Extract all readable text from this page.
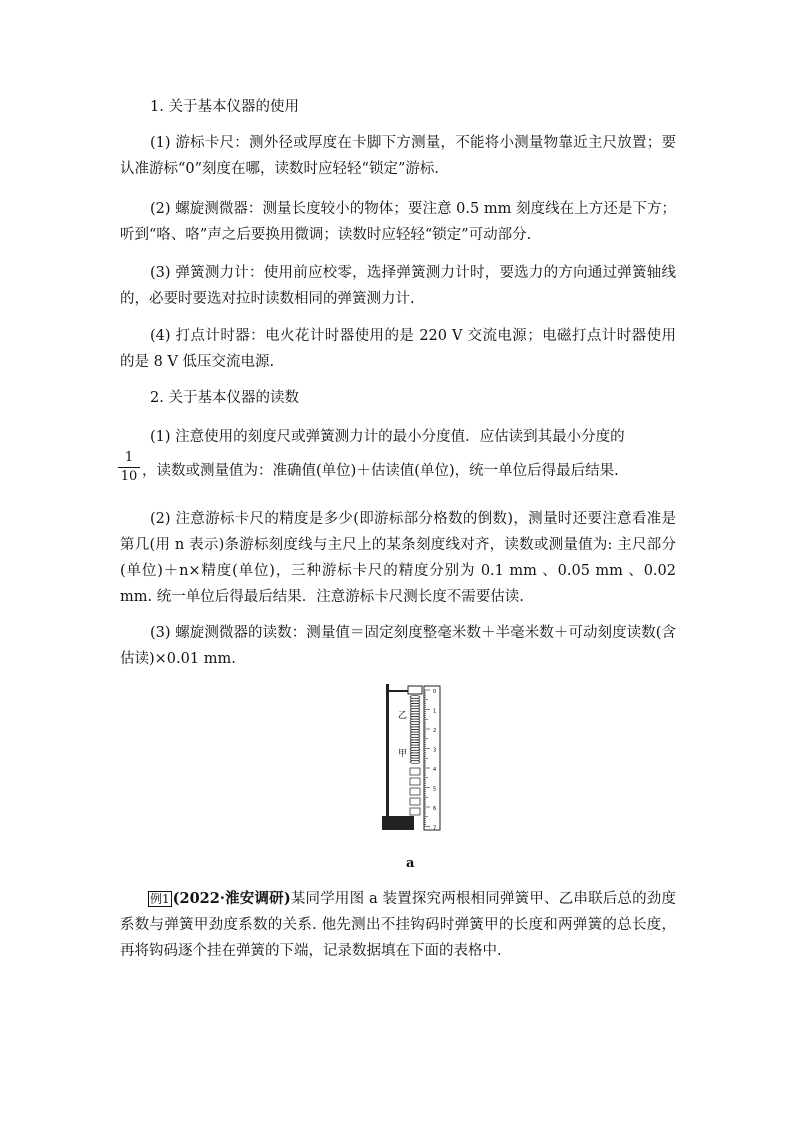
1. 关于基本仪器的使用
(1) 游标卡尺：测外径或厚度在卡脚下方测量，不能将小测量物靠近主尺放置；要认准游标“0”刻度在哪，读数时应轻轻“锁定”游标.
(2) 螺旋测微器：测量长度较小的物体；要注意 0.5 mm 刻度线在上方还是下方；听到“咯、咯”声之后要换用微调；读数时应轻轻“锁定”可动部分.
(3) 弹簧测力计：使用前应校零，选择弹簧测力计时，要选力的方向通过弹簧轴线的，必要时要选对拉时读数相同的弹簧测力计.
(4) 打点计时器：电火花计时器使用的是 220 V 交流电源；电磁打点计时器使用的是 8 V 低压交流电源.
2. 关于基本仪器的读数
(1) 注意使用的刻度尺或弹簧测力计的最小分度值．应估读到其最小分度的
$\frac{1}{10}$ ，读数或测量值为：准确值(单位)＋估读值(单位)，统一单位后得最后结果.
(2) 注意游标卡尺的精度是多少(即游标部分格数的倒数)，测量时还要注意看准是第几(用 n 表示)条游标刻度线与主尺上的某条刻度线对齐，读数或测量值为: 主尺部分(单位)＋n×精度(单位)，三种游标卡尺的精度分别为 0.1 mm 、0.05 mm 、0.02 mm. 统一单位后得最后结果．注意游标卡尺测长度不需要估读.
(3) 螺旋测微器的读数：测量值＝固定刻度整毫米数＋半毫米数＋可动刻度读数(含估读)×0.01 mm.
0
1
2
3
4
5
6
7
乙
甲
a
例1 (2022·淮安调研)某同学用图 a 装置探究两根相同弹簧甲、乙串联后总的劲度系数与弹簧甲劲度系数的关系. 他先测出不挂钩码时弹簧甲的长度和两弹簧的总长度，再将钩码逐个挂在弹簧的下端，记录数据填在下面的表格中.
